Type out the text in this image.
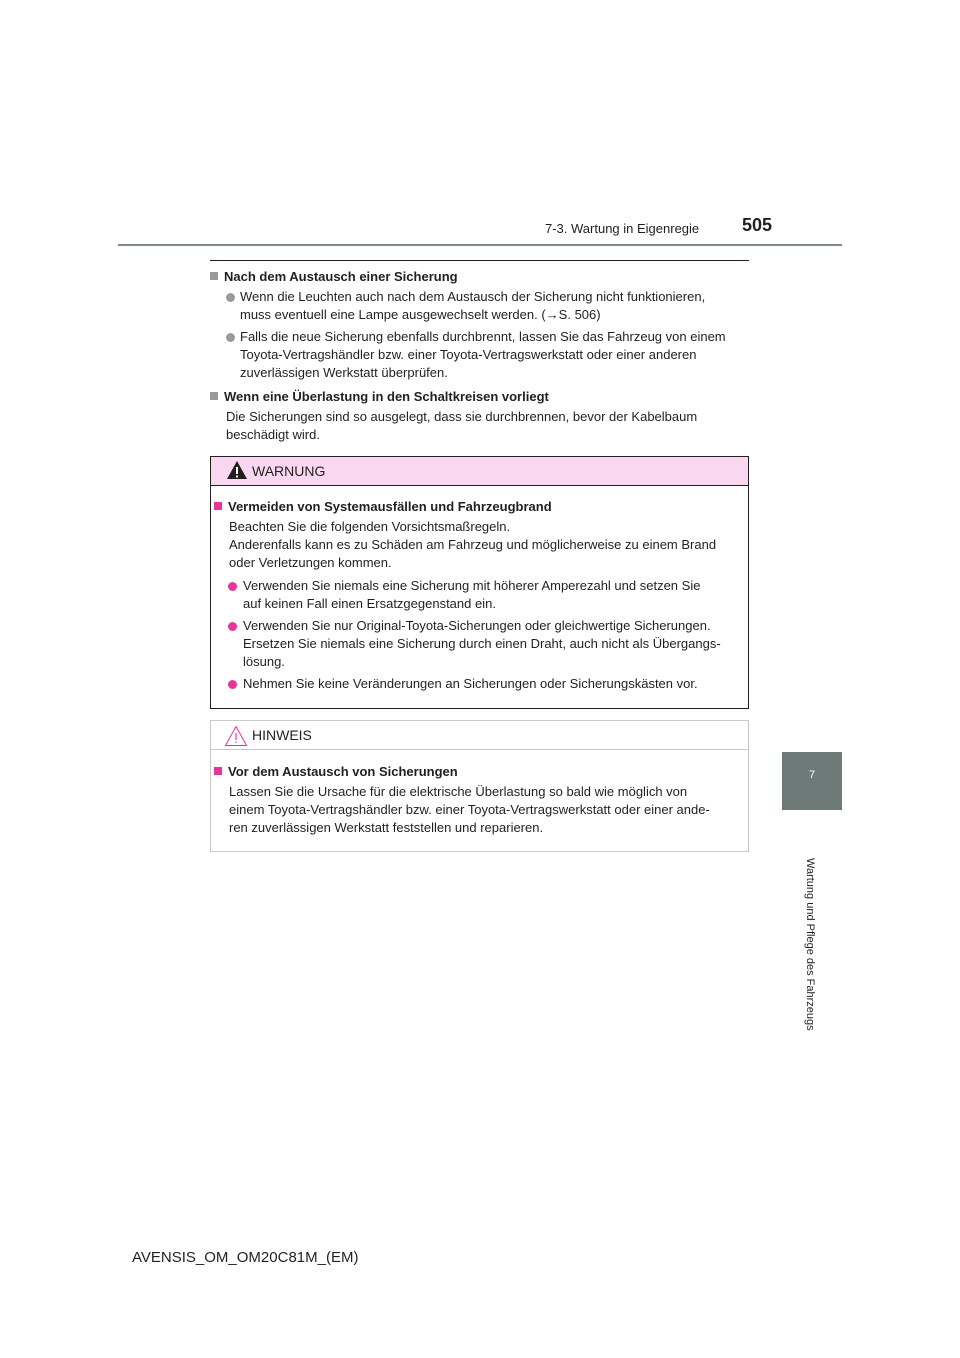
7-3. Wartung in Eigenregie 505
7
Wartung und Pflege des Fahrzeugs
Nach dem Austausch einer Sicherung
Wenn die Leuchten auch nach dem Austausch der Sicherung nicht funktionieren,
muss eventuell eine Lampe ausgewechselt werden. (→S. 506)
Falls die neue Sicherung ebenfalls durchbrennt, lassen Sie das Fahrzeug von einem
Toyota-Vertragshändler bzw. einer Toyota-Vertragswerkstatt oder einer anderen
zuverlässigen Werkstatt überprüfen.
Wenn eine Überlastung in den Schaltkreisen vorliegt
Die Sicherungen sind so ausgelegt, dass sie durchbrennen, bevor der Kabelbaum
beschädigt wird.
WARNUNG
Vermeiden von Systemausfällen und Fahrzeugbrand
Beachten Sie die folgenden Vorsichtsmaßregeln.
Anderenfalls kann es zu Schäden am Fahrzeug und möglicherweise zu einem Brand
oder Verletzungen kommen.
Verwenden Sie niemals eine Sicherung mit höherer Amperezahl und setzen Sie
auf keinen Fall einen Ersatzgegenstand ein.
Verwenden Sie nur Original-Toyota-Sicherungen oder gleichwertige Sicherungen.
Ersetzen Sie niemals eine Sicherung durch einen Draht, auch nicht als Übergangs-
lösung.
Nehmen Sie keine Veränderungen an Sicherungen oder Sicherungskästen vor.
HINWEIS
Vor dem Austausch von Sicherungen
Lassen Sie die Ursache für die elektrische Überlastung so bald wie möglich von
einem Toyota-Vertragshändler bzw. einer Toyota-Vertragswerkstatt oder einer ande-
ren zuverlässigen Werkstatt feststellen und reparieren.
AVENSIS_OM_OM20C81M_(EM)
